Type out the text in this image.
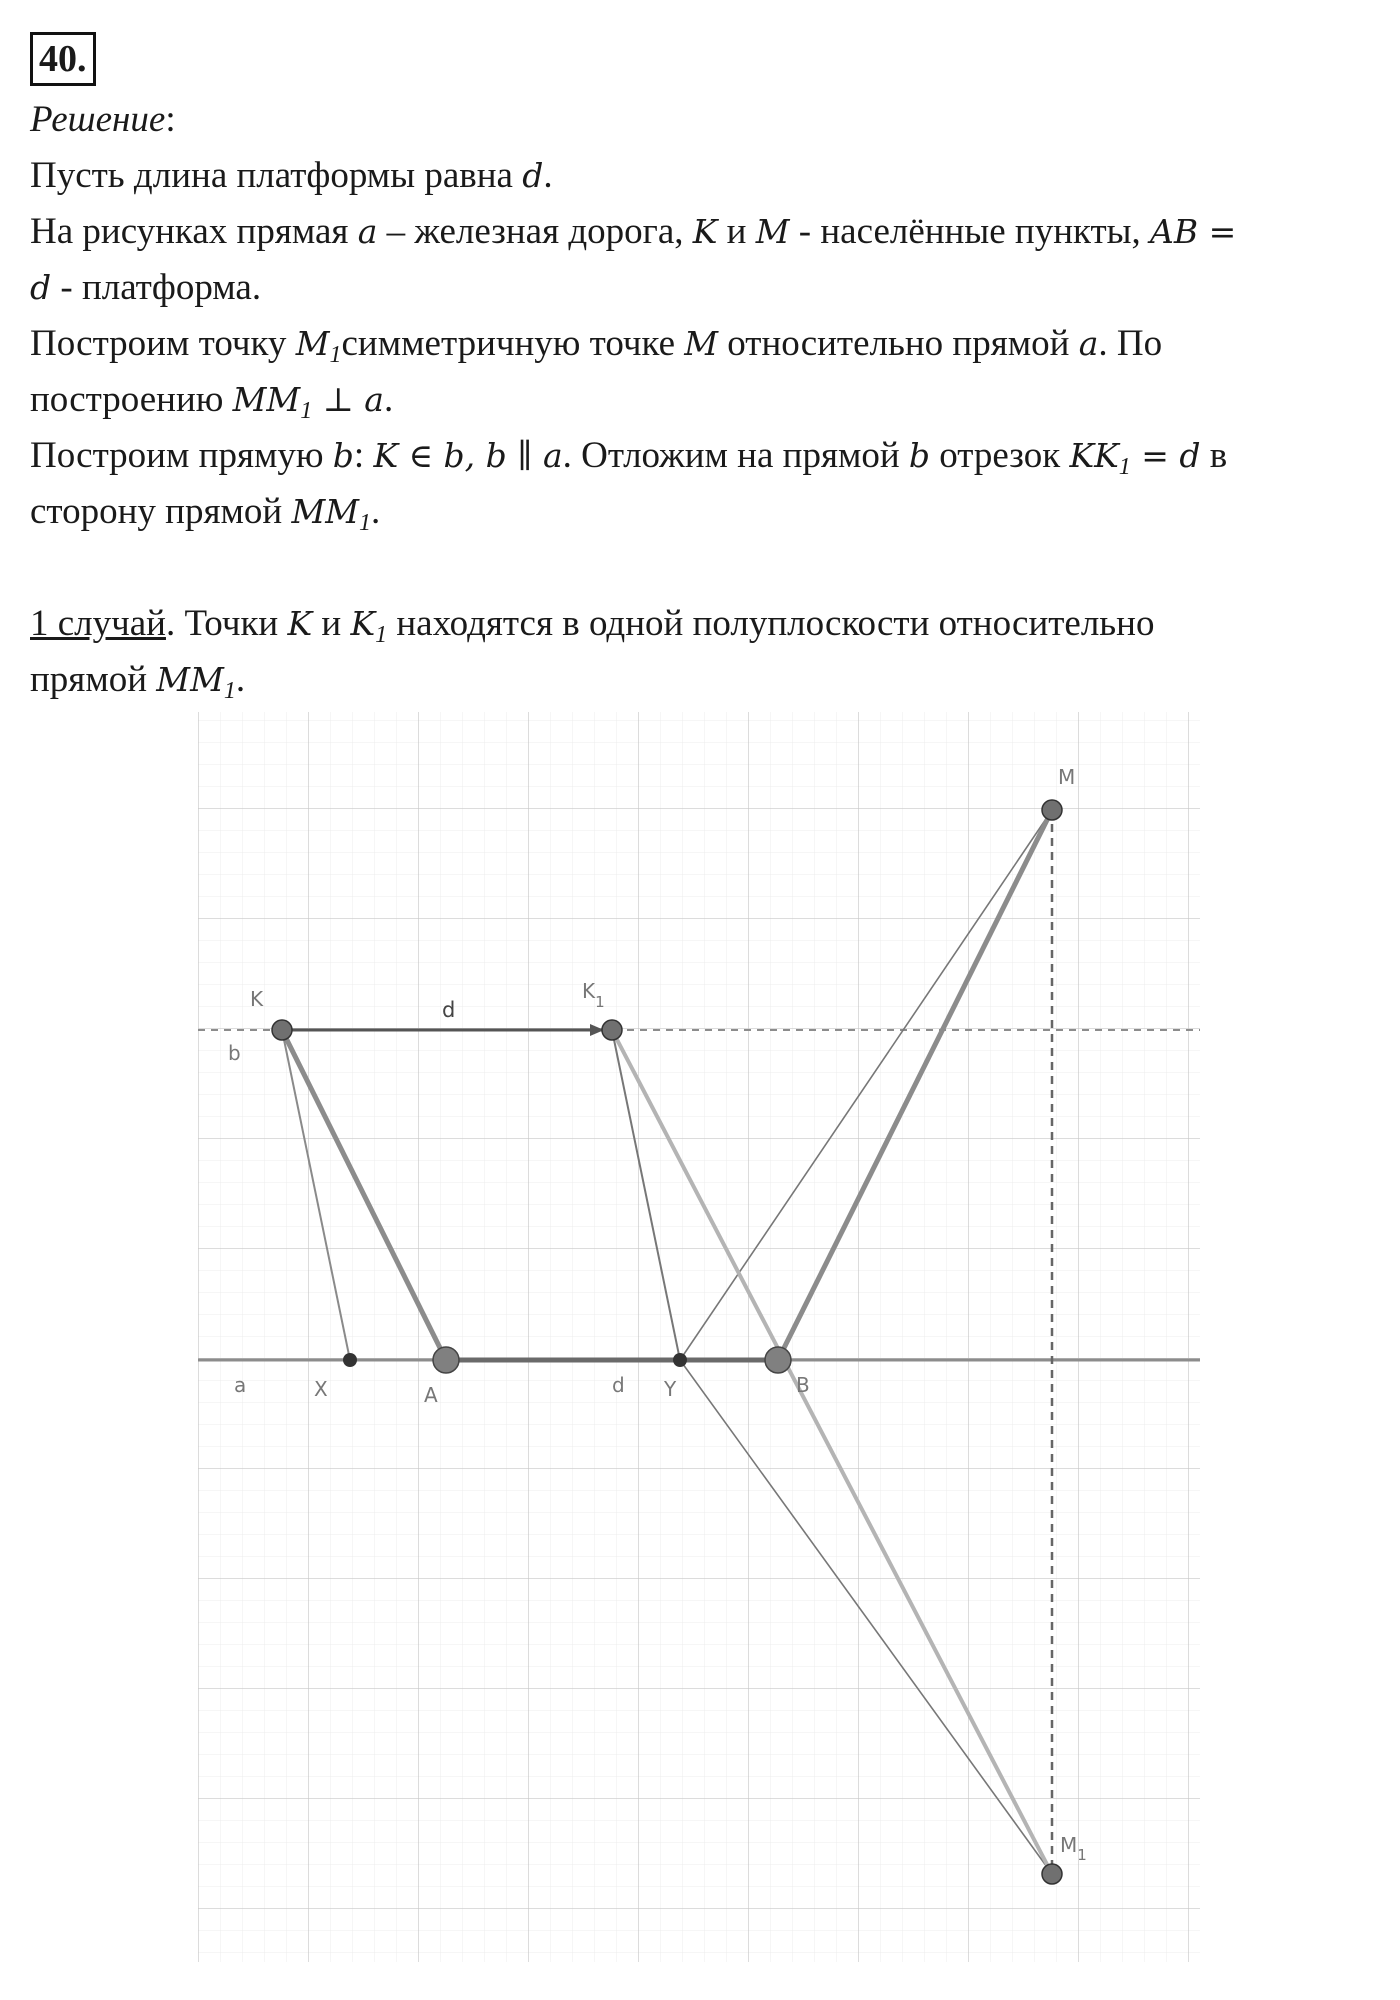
40.

Решение:

Пусть длина платформы равна d.

На рисунках прямая a – железная дорога, K и M - населённые пункты, AB =

d - платформа.

Построим точку $M_1симметричную$ точке M относительно прямой a. По

построению $MM_1$ ⊥ a.

Построим прямую b: K ∈ b, b ∥ a. Отложим на прямой b отрезок $KK_1 = d$ в

сторону прямой $MM_1$.

1 случай. Точки K и $K_1$ находятся в одной полуплоскости относительно

прямой $MM_1$.

M
K	$K_1$
d
b
a	X	A	d Y	B
$M_1$
